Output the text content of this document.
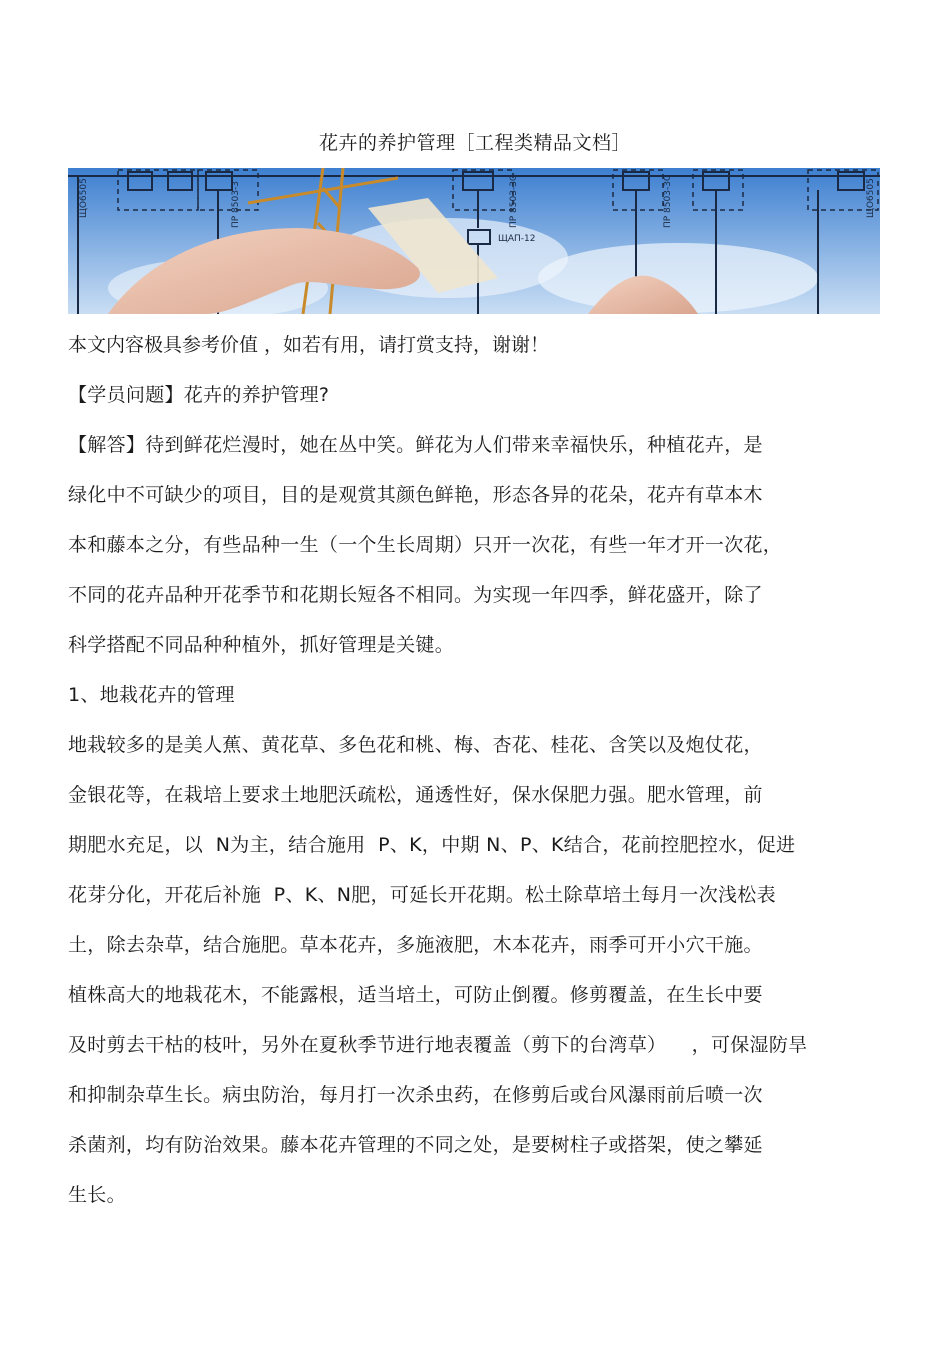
花卉的养护管理［工程类精品文档］
ЩО6505	ПР 8503-3	ПР 8503-3С
ЩАП-12
ПР 8503-3С	ЩО6505
本文内容极具参考价值 ，如若有用，请打赏支持，谢谢！
【学员问题】花卉的养护管理?
【解答】待到鲜花烂漫时，她在丛中笑。鲜花为人们带来幸福快乐，种植花卉，是
绿化中不可缺少的项目，目的是观赏其颜色鲜艳，形态各异的花朵，花卉有草本木
本和藤本之分，有些品种一生（一个生长周期）只开一次花，有些一年才开一次花，
不同的花卉品种开花季节和花期长短各不相同。为实现一年四季，鲜花盛开，除了
科学搭配不同品种种植外，抓好管理是关键。
1、地栽花卉的管理
地栽较多的是美人蕉、黄花草、多色花和桃、梅、杏花、桂花、含笑以及炮仗花，
金银花等，在栽培上要求土地肥沃疏松，通透性好，保水保肥力强。肥水管理，前
期肥水充足，以  N为主，结合施用  P、K，中期 N、P、K结合，花前控肥控水，促进
花芽分化，开花后补施  P、K、N肥，可延长开花期。松土除草培土每月一次浅松表
土，除去杂草，结合施肥。草本花卉，多施液肥，木本花卉，雨季可开小穴干施。
植株高大的地栽花木，不能露根，适当培土，可防止倒覆。修剪覆盖，在生长中要
及时剪去干枯的枝叶，另外在夏秋季节进行地表覆盖（剪下的台湾草）    ，可保湿防旱
和抑制杂草生长。病虫防治，每月打一次杀虫药，在修剪后或台风瀑雨前后喷一次
杀菌剂，均有防治效果。藤本花卉管理的不同之处，是要树柱子或搭架，使之攀延
生长。
